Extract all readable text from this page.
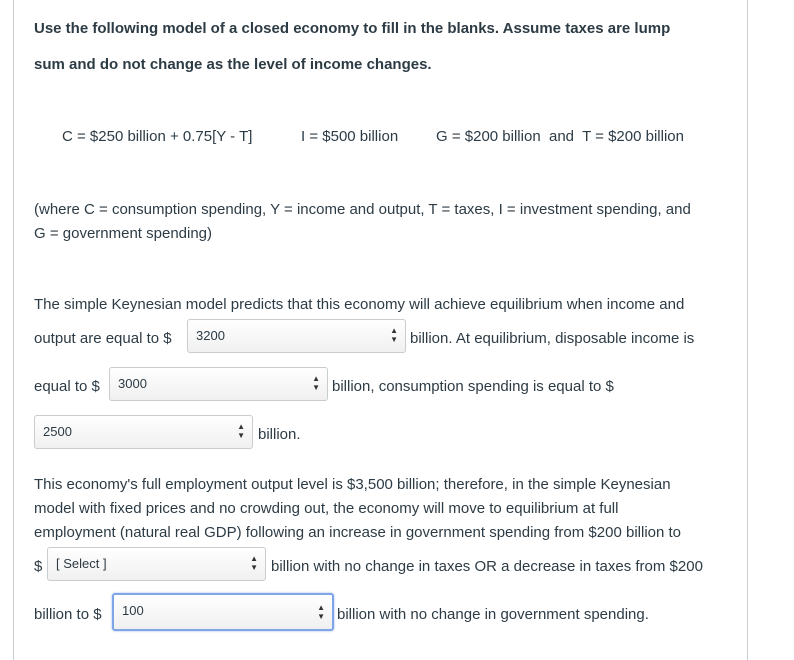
Use the following model of a closed economy to fill in the blanks. Assume taxes are lump
sum and do not change as the level of income changes.
C = $250 billion + 0.75[Y - T]	I = $500 billion	G = $200 billion  and  T = $200 billion
(where C = consumption spending, Y = income and output, T = taxes, I = investment spending, and
G = government spending)
The simple Keynesian model predicts that this economy will achieve equilibrium when income and
output are equal to $ 3200	▲
▼ billion. At equilibrium, disposable income is
equal to $ 3000	▲
▼ billion, consumption spending is equal to $
2500	▲
▼ billion.
This economy's full employment output level is $3,500 billion; therefore, in the simple Keynesian
model with fixed prices and no crowding out, the economy will move to equilibrium at full
employment (natural real GDP) following an increase in government spending from $200 billion to
$ [ Select ]	▲
▼ billion with no change in taxes OR a decrease in taxes from $200
billion to $ 100	▲
▼ billion with no change in government spending.
